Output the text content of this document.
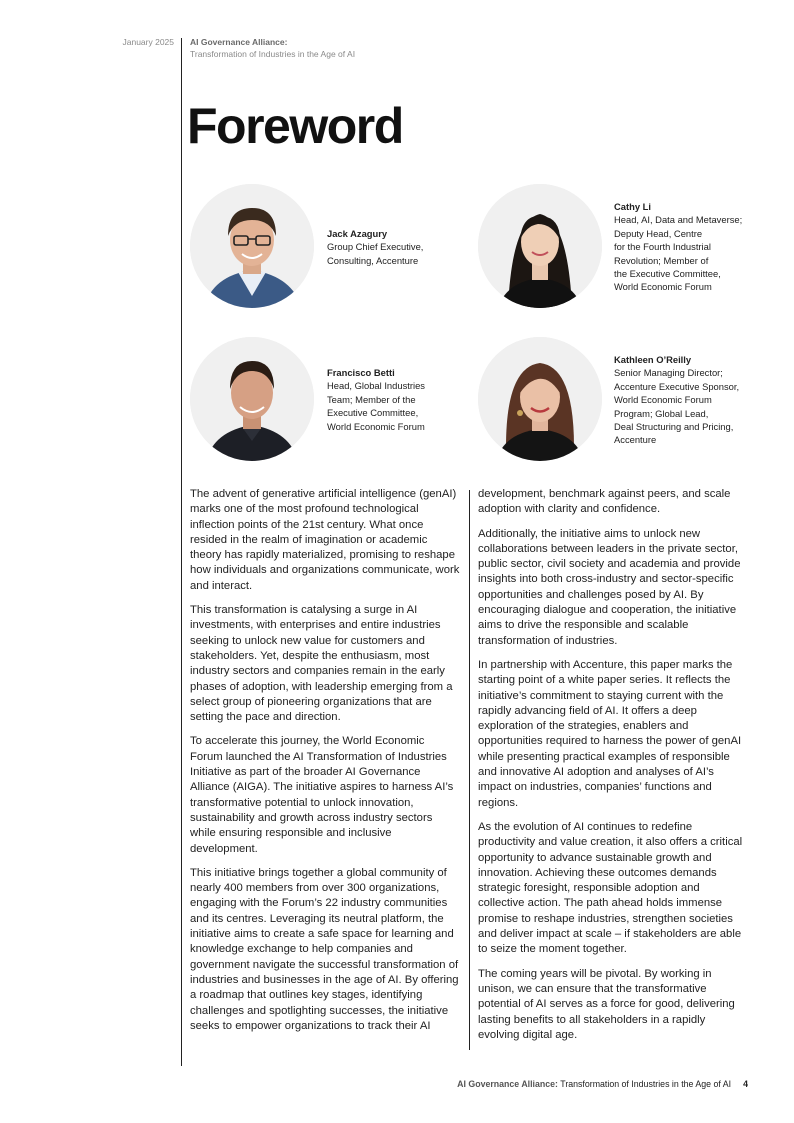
January 2025 AI Governance Alliance:
Transformation of Industries in the Age of AI
Foreword
Jack Azagury
Group Chief Executive,
Consulting, Accenture
Cathy Li
Head, AI, Data and Metaverse;
Deputy Head, Centre
for the Fourth Industrial
Revolution; Member of
the Executive Committee,
World Economic Forum
Francisco Betti
Head, Global Industries
Team; Member of the
Executive Committee,
World Economic Forum
Kathleen O’Reilly
Senior Managing Director;
Accenture Executive Sponsor,
World Economic Forum
Program; Global Lead,
Deal Structuring and Pricing,
Accenture

The advent of generative artificial intelligence (genAI) marks one of the most profound technological inflection points of the 21st century. What once resided in the realm of imagination or academic theory has rapidly materialized, promising to reshape how individuals and organizations communicate, work and interact.

This transformation is catalysing a surge in AI investments, with enterprises and entire industries seeking to unlock new value for customers and stakeholders. Yet, despite the enthusiasm, most industry sectors and companies remain in the early phases of adoption, with leadership emerging from a select group of pioneering organizations that are setting the pace and direction.

To accelerate this journey, the World Economic Forum launched the AI Transformation of Industries Initiative as part of the broader AI Governance Alliance (AIGA). The initiative aspires to harness AI’s transformative potential to unlock innovation, sustainability and growth across industry sectors while ensuring responsible and inclusive development.

This initiative brings together a global community of nearly 400 members from over 300 organizations, engaging with the Forum’s 22 industry communities and its centres. Leveraging its neutral platform, the initiative aims to create a safe space for learning and knowledge exchange to help companies and government navigate the successful transformation of industries and businesses in the age of AI. By offering a roadmap that outlines key stages, identifying challenges and spotlighting successes, the initiative seeks to empower organizations to track their AI

development, benchmark against peers, and scale adoption with clarity and confidence.

Additionally, the initiative aims to unlock new collaborations between leaders in the private sector, public sector, civil society and academia and provide insights into both cross-industry and sector-specific opportunities and challenges posed by AI. By encouraging dialogue and cooperation, the initiative aims to drive the responsible and scalable transformation of industries.

In partnership with Accenture, this paper marks the starting point of a white paper series. It reflects the initiative’s commitment to staying current with the rapidly advancing field of AI. It offers a deep exploration of the strategies, enablers and opportunities required to harness the power of genAI while presenting practical examples of responsible and innovative AI adoption and analyses of AI’s impact on industries, companies’ functions and regions.

As the evolution of AI continues to redefine productivity and value creation, it also offers a critical opportunity to advance sustainable growth and innovation. Achieving these outcomes demands strategic foresight, responsible adoption and collective action. The path ahead holds immense promise to reshape industries, strengthen societies and deliver impact at scale – if stakeholders are able to seize the moment together.

The coming years will be pivotal. By working in unison, we can ensure that the transformative potential of AI serves as a force for good, delivering lasting benefits to all stakeholders in a rapidly evolving digital age.

AI Governance Alliance: Transformation of Industries in the Age of AI 4
